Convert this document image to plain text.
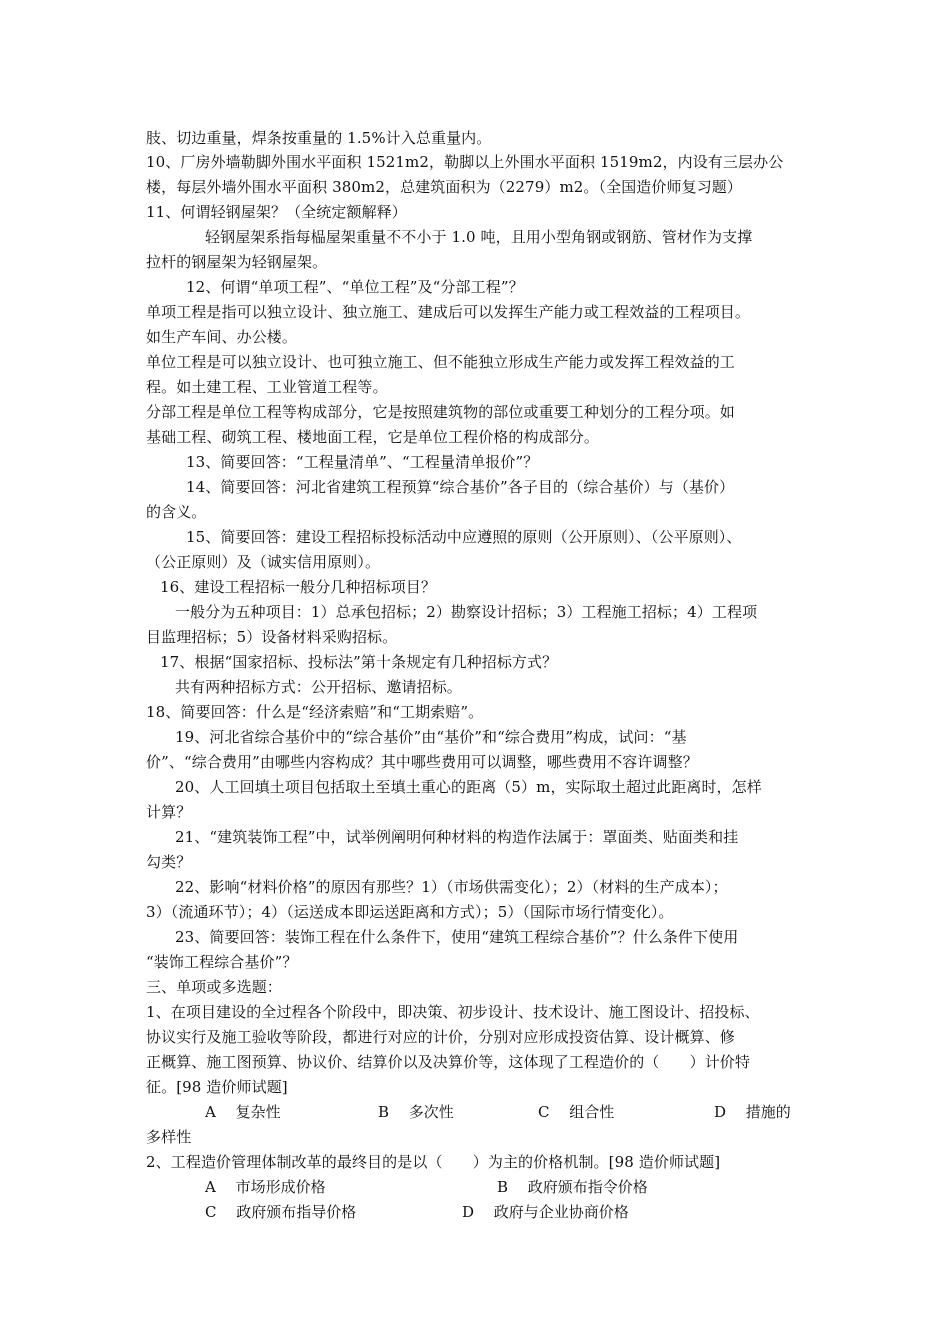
肢、切边重量，焊条按重量的 1.5%计入总重量内。
10、厂房外墙勒脚外围水平面积 1521m2，勒脚以上外围水平面积 1519m2，内设有三层办公
楼，每层外墙外围水平面积 380m2，总建筑面积为（2279）m2。（全国造价师复习题）
11、何谓轻钢屋架？（全统定额解释）
轻钢屋架系指每榀屋架重量不不小于 1.0 吨，且用小型角钢或钢筋、管材作为支撑
拉杆的钢屋架为轻钢屋架。
12、何谓“单项工程”、“单位工程”及“分部工程”？
单项工程是指可以独立设计、独立施工、建成后可以发挥生产能力或工程效益的工程项目。
如生产车间、办公楼。
单位工程是可以独立设计、也可独立施工、但不能独立形成生产能力或发挥工程效益的工
程。如土建工程、工业管道工程等。
分部工程是单位工程等构成部分，它是按照建筑物的部位或重要工种划分的工程分项。如
基础工程、砌筑工程、楼地面工程，它是单位工程价格的构成部分。
13、简要回答：“工程量清单”、“工程量清单报价”？
14、简要回答：河北省建筑工程预算“综合基价”各子目的（综合基价）与（基价）
的含义。
15、简要回答：建设工程招标投标活动中应遵照的原则（公开原则）、（公平原则）、
（公正原则）及（诚实信用原则）。
16、建设工程招标一般分几种招标项目？
一般分为五种项目：1）总承包招标；2）勘察设计招标；3）工程施工招标；4）工程项
目监理招标；5）设备材料采购招标。
17、根据“国家招标、投标法”第十条规定有几种招标方式？
共有两种招标方式：公开招标、邀请招标。
18、简要回答：什么是“经济索赔”和“工期索赔”。
19、河北省综合基价中的“综合基价”由“基价”和“综合费用”构成，试问：“基
价”、“综合费用”由哪些内容构成？其中哪些费用可以调整，哪些费用不容许调整？
20、人工回填土项目包括取土至填土重心的距离（5）m，实际取土超过此距离时，怎样
计算？
21、“建筑装饰工程”中，试举例阐明何种材料的构造作法属于：罩面类、贴面类和挂
勾类？
22、影响“材料价格”的原因有那些？1）（市场供需变化）；2）（材料的生产成本）；
3）（流通环节）；4）（运送成本即运送距离和方式）；5）（国际市场行情变化）。
23、简要回答：装饰工程在什么条件下，使用“建筑工程综合基价”？什么条件下使用
“装饰工程综合基价”？
三、单项或多选题：
1、在项目建设的全过程各个阶段中，即决策、初步设计、技术设计、施工图设计、招投标、
协议实行及施工验收等阶段，都进行对应的计价，分别对应形成投资估算、设计概算、修
正概算、施工图预算、协议价、结算价以及决算价等，这体现了工程造价的（　　）计价特
征。[98 造价师试题]
A　 复杂性	B　 多次性	C　 组合性	D　 措施的
多样性
2、工程造价管理体制改革的最终目的是以（　　）为主的价格机制。[98 造价师试题]
A　 市场形成价格	B　 政府颁布指令价格
C　 政府颁布指导价格	D　 政府与企业协商价格
